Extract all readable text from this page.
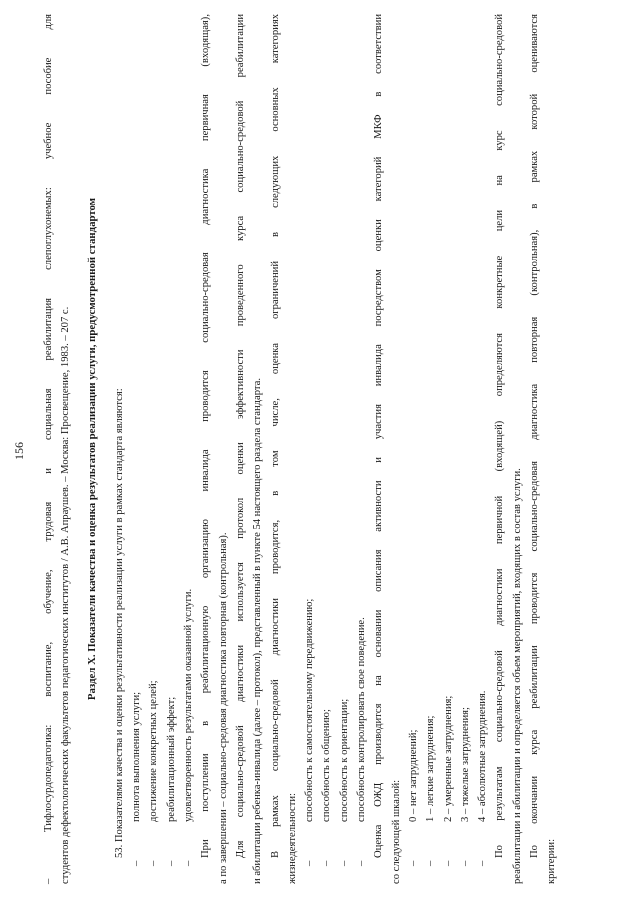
156
–
Тифлосурдопедагогика: воспитание, обучение, трудовая и социальная реабилитация слепоглухонемых: учебное пособие для студентов дефектологических факультетов педагогических институтов / А.В. Апраушев. – Москва: Просвещение, 1983. – 207 с.	Раздел X. Показатели качества и оценка результатов реализации услуги, предусмотренной стандартом	53. Показателями качества и оценки результативности реализации услуги в рамках стандарта являются:

–
полнота выполнения услуги;
–
достижение конкретных целей;
–
реабилитационный эффект;
–
удовлетворенность результатами оказанной услуги. При поступлении в реабилитационную организацию инвалида проводится социально-средовая диагностика первичная (входящая), а по завершении – социально-средовая диагностика повторная (контрольная). Для социально-средовой диагностики используется протокол оценки эффективности проведенного курса социально-средовой реабилитации и абилитации ребенка-инвалида (далее – протокол), представленный в пункте 54 настоящего раздела стандарта. В рамках социально-средовой диагностики проводится, в том числе, оценка ограничений в следующих основных категориях жизнедеятельности: –
способность к самостоятельному передвижению;
–
способность к общению;
–
способность к ориентации;
–
способность контролировать свое поведение. Оценка ОЖД производится на основании описания активности и участия инвалида посредством оценки категорий МКФ в соответствии со следующей шкалой: –
0 – нет затруднений;
–
1 – легкие затруднения;
–
2 – умеренные затруднения;
–
3 – тяжелые затруднения;
–
4 – абсолютные затруднения. По результатам социально-средовой диагностики первичной (входящей) определяются конкретные цели на курс социально-средовой реабилитации и абилитации и определяется объем мероприятий, входящих в состав услуги. По окончании курса реабилитации проводится социально-средовая диагностика повторная (контрольная), в рамках которой оцениваются

критерии:
